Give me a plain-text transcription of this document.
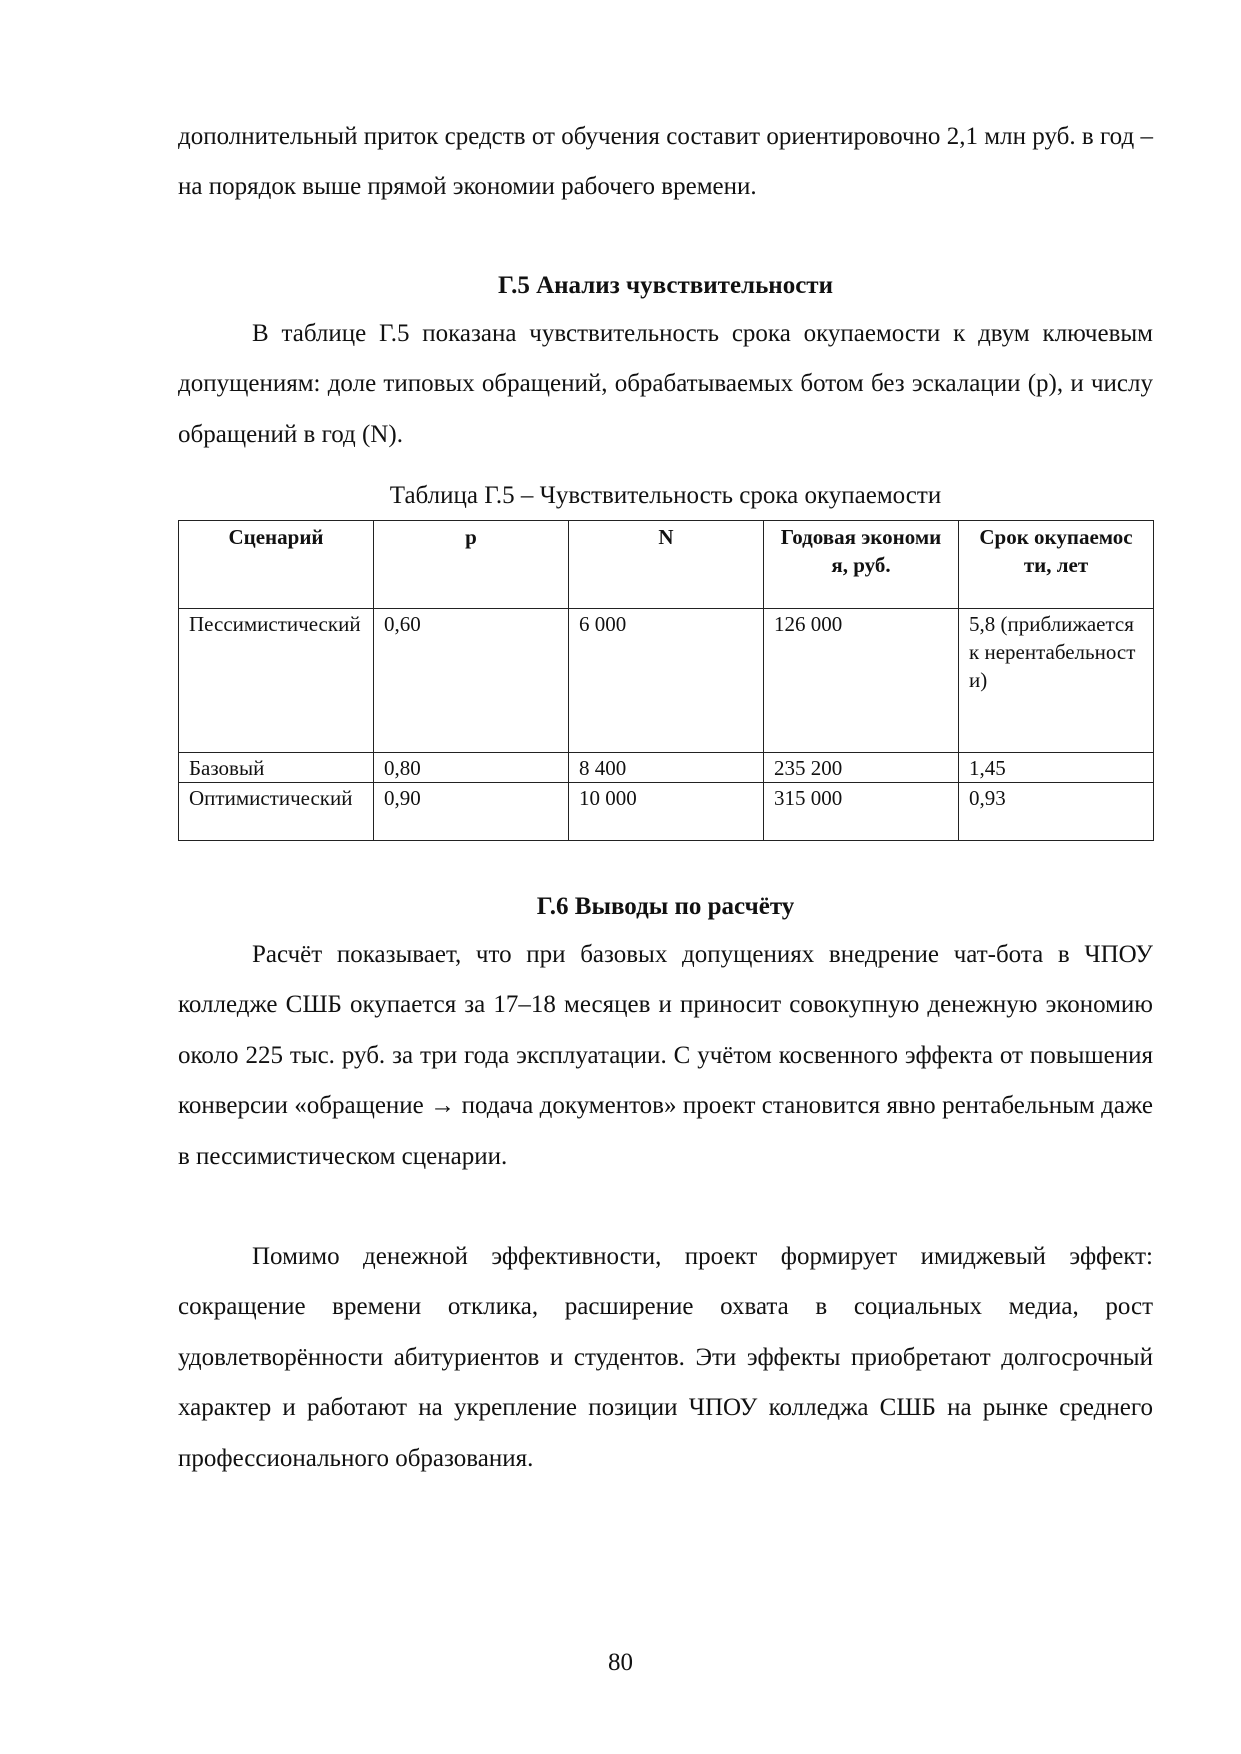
дополнительный приток средств от обучения составит ориентировочно 2,1 млн руб. в год – на порядок выше прямой экономии рабочего времени.

Г.5 Анализ чувствительности

В таблице Г.5 показана чувствительность срока окупаемости к двум ключевым допущениям: доле типовых обращений, обрабатываемых ботом без эскалации (p), и числу обращений в год (N).

Таблица Г.5 – Чувствительность срока окупаемости
Сценарий	p	N	Годовая экономия, руб.	Срок окупаемости, лет
Пессимистический	0,60	6 000	126 000	5,8 (приближается к нерентабельности)
Базовый	0,80	8 400	235 200	1,45
Оптимистический	0,90	10 000	315 000	0,93
Г.6 Выводы по расчёту

Расчёт показывает, что при базовых допущениях внедрение чат-бота в ЧПОУ колледже СШБ окупается за 17–18 месяцев и приносит совокупную денежную экономию около 225 тыс. руб. за три года эксплуатации. С учётом косвенного эффекта от повышения конверсии «обращение → подача документов» проект становится явно рентабельным даже в пессимистическом сценарии.

Помимо денежной эффективности, проект формирует имиджевый эффект: сокращение времени отклика, расширение охвата в социальных медиа, рост удовлетворённости абитуриентов и студентов. Эти эффекты приобретают долгосрочный характер и работают на укрепление позиции ЧПОУ колледжа СШБ на рынке среднего профессионального образования.

80
